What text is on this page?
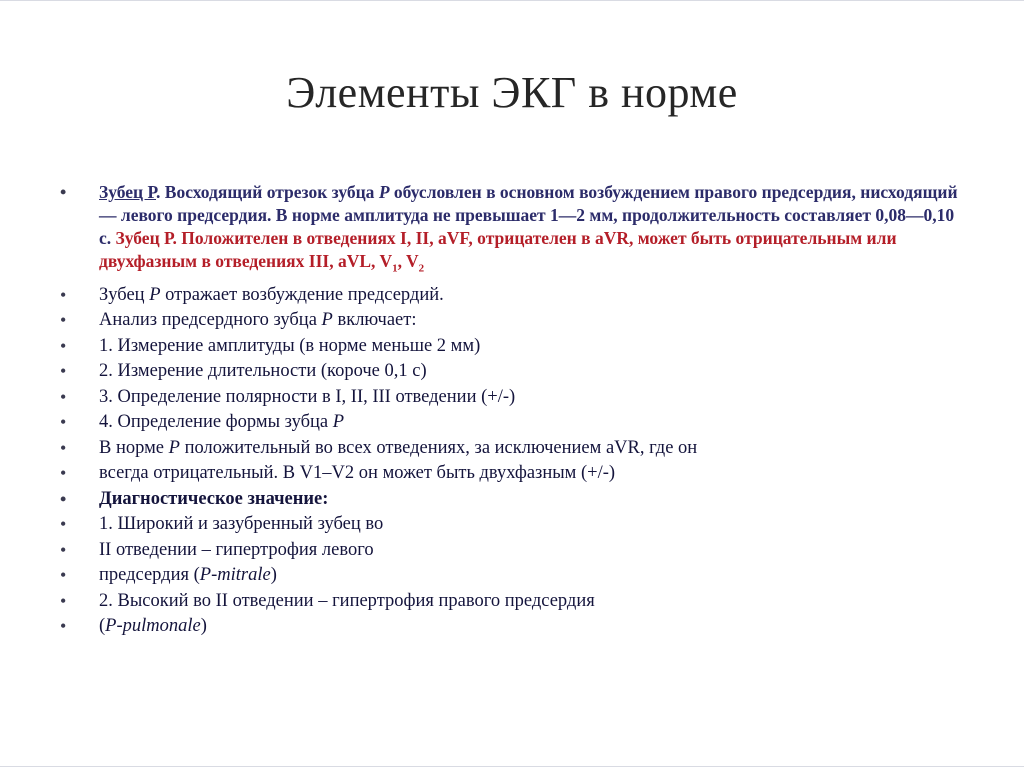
Элементы ЭКГ в норме
• Зубец Р. Восходящий отрезок зубца P обусловлен в основном возбуждением правого предсердия, нисходящий — левого предсердия. В норме амплитуда не превышает 1—2 мм, продолжительность составляет 0,08—0,10 с. Зубец Р. Положителен в отведениях I, II, aVF, отрицателен в aVR, может быть отрицательным или двухфазным в отведениях III, aVL, $V_1$, $V_2$
• Зубец P отражает возбуждение предсердий.
• Анализ предсердного зубца P включает:
• 1. Измерение амплитуды (в норме меньше 2 мм)
• 2. Измерение длительности (короче 0,1 с)
• 3. Определение полярности в I, II, III отведении (+/-)
• 4. Определение формы зубца P
• В норме P положительный во всех отведениях, за исключением aVR, где он
• всегда отрицательный. В V1–V2 он может быть двухфазным (+/-)
• Диагностическое значение:
• 1. Широкий и зазубренный зубец во
• II отведении – гипертрофия левого
• предсердия (P-mitrale)
• 2. Высокий во II отведении – гипертрофия правого предсердия
• (P-pulmonale)
